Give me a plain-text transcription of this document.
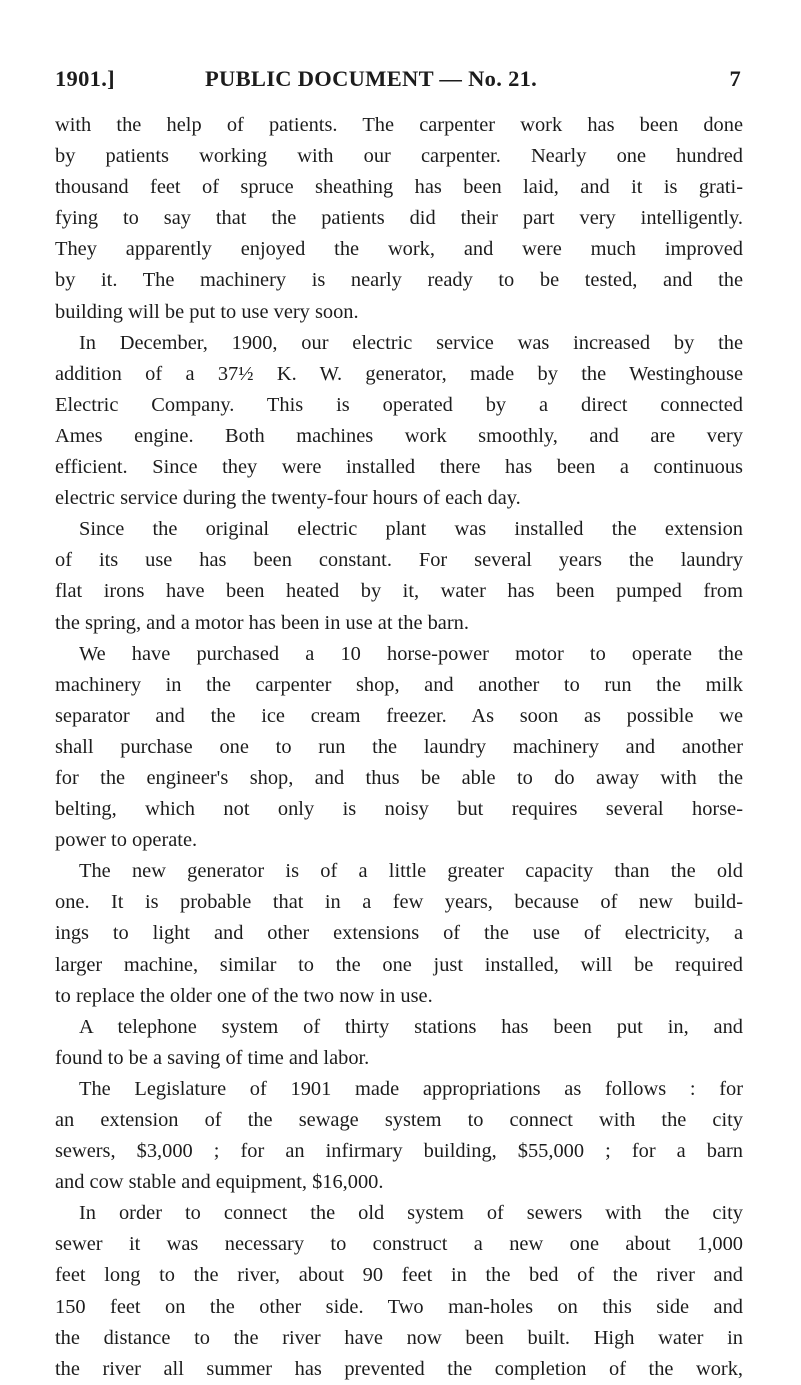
1901.]	PUBLIC DOCUMENT — No. 21.	7
with the help of patients. The carpenter work has been done
by patients working with our carpenter. Nearly one hundred
thousand feet of spruce sheathing has been laid, and it is grati-
fying to say that the patients did their part very intelligently.
They apparently enjoyed the work, and were much improved
by it. The machinery is nearly ready to be tested, and the
building will be put to use very soon.
In December, 1900, our electric service was increased by the
addition of a 37½ K. W. generator, made by the Westinghouse
Electric Company. This is operated by a direct connected
Ames engine. Both machines work smoothly, and are very
efficient. Since they were installed there has been a continuous
electric service during the twenty-four hours of each day.
Since the original electric plant was installed the extension
of its use has been constant. For several years the laundry
flat irons have been heated by it, water has been pumped from
the spring, and a motor has been in use at the barn.
We have purchased a 10 horse-power motor to operate the
machinery in the carpenter shop, and another to run the milk
separator and the ice cream freezer. As soon as possible we
shall purchase one to run the laundry machinery and another
for the engineer's shop, and thus be able to do away with the
belting, which not only is noisy but requires several horse-
power to operate.
The new generator is of a little greater capacity than the old
one. It is probable that in a few years, because of new build-
ings to light and other extensions of the use of electricity, a
larger machine, similar to the one just installed, will be required
to replace the older one of the two now in use.
A telephone system of thirty stations has been put in, and
found to be a saving of time and labor.
The Legislature of 1901 made appropriations as follows : for
an extension of the sewage system to connect with the city
sewers, $3,000 ; for an infirmary building, $55,000 ; for a barn
and cow stable and equipment, $16,000.
In order to connect the old system of sewers with the city
sewer it was necessary to construct a new one about 1,000
feet long to the river, about 90 feet in the bed of the river and
150 feet on the other side. Two man-holes on this side and
the distance to the river have now been built. High water in
the river all summer has prevented the completion of the work,
